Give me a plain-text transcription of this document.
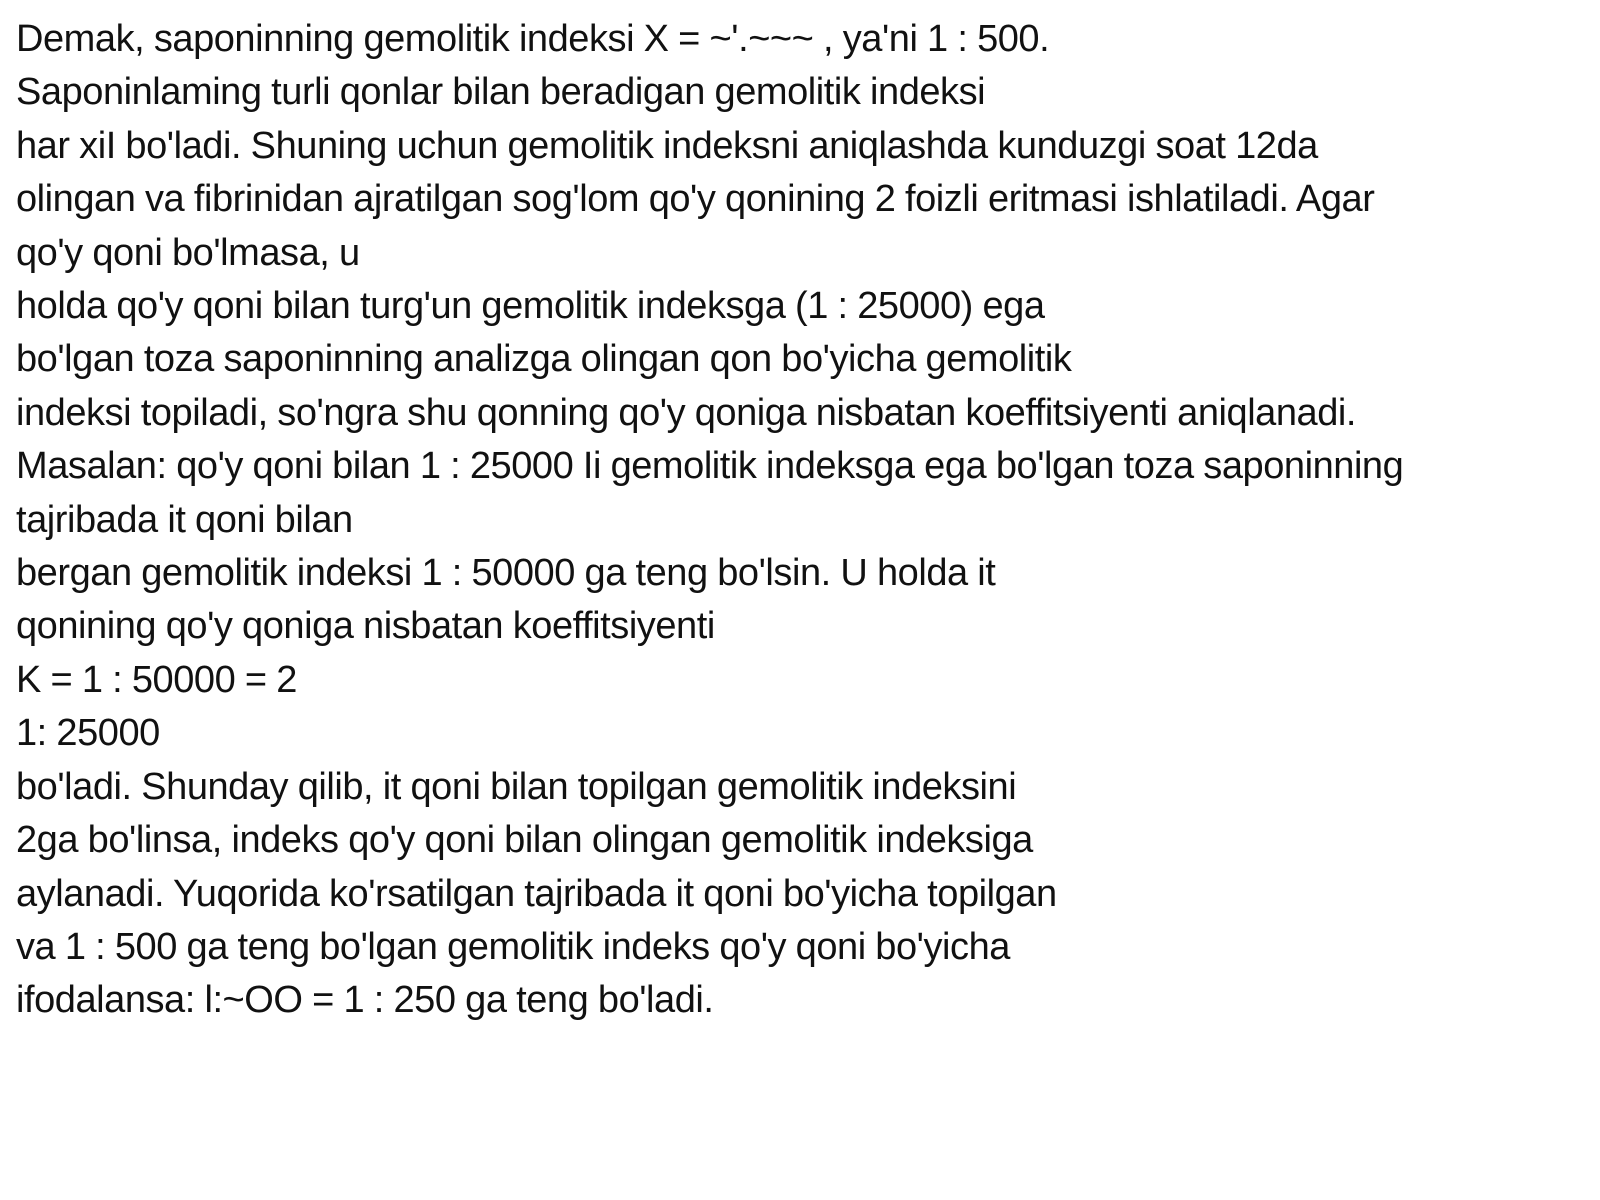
Demak, saponinning gemolitik indeksi X = ~'.~~~ , ya'ni 1 : 500.
Saponinlaming turli qonlar bilan beradigan gemolitik indeksi
har xiI bo'ladi. Shuning uchun gemolitik indeksni aniqlashda kunduzgi soat 12da
olingan va fibrinidan ajratilgan sog'lom qo'y qonining 2 foizli eritmasi ishlatiladi. Agar
qo'y qoni bo'lmasa, u
holda qo'y qoni bilan turg'un gemolitik indeksga (1 : 25000) ega
bo'lgan toza saponinning analizga olingan qon bo'yicha gemolitik
indeksi topiladi, so'ngra shu qonning qo'y qoniga nisbatan koeffitsiyenti aniqlanadi.
Masalan: qo'y qoni bilan 1 : 25000 Ii gemolitik indeksga ega bo'lgan toza saponinning
tajribada it qoni bilan
bergan gemolitik indeksi 1 : 50000 ga teng bo'lsin. U holda it
qonining qo'y qoniga nisbatan koeffitsiyenti
K = 1 : 50000 = 2
1: 25000
bo'ladi. Shunday qilib, it qoni bilan topilgan gemolitik indeksini
2ga bo'linsa, indeks qo'y qoni bilan olingan gemolitik indeksiga
aylanadi. Yuqorida ko'rsatilgan tajribada it qoni bo'yicha topilgan
va 1 : 500 ga teng bo'lgan gemolitik indeks qo'y qoni bo'yicha
ifodalansa: l:~OO = 1 : 250 ga teng bo'ladi.
